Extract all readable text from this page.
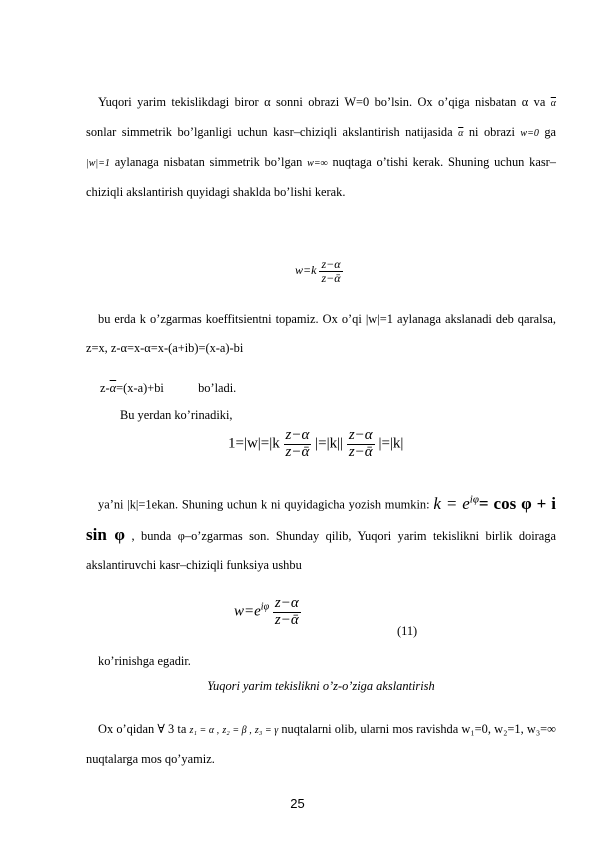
Yuqori yarim tekislikdagi biror α sonni obrazi W=0 bo’lsin. Ox o’qiga nisbatan α va $\overline{\alpha}$ sonlar simmetrik bo’lganligi uchun kasr–chiziqli akslantirish natijasida $\overline{\alpha}$ ni obrazi w=0 ga |w|=1 aylanaga nisbatan simmetrik bo’lgan w=∞ nuqtaga o’tishi kerak. Shuning uchun kasr–chiziqli akslantirish quyidagi shaklda bo’lishi kerak.
$w=k \frac{z-\alpha}{\text{z−ᾱ}}$
bu erda k o’zgarmas koeffitsientni topamiz. Ox o’qi |w|=1 aylanaga akslanadi deb qaralsa, z=x, z-α=x-α=x-(a+ib)=(x-a)-bi
$z-\overline{\alpha}=(x-a)+bi$	bo’ladi.
Bu yerdan ko’rinadiki,
$1=|w|=|k \frac{z-\alpha}{\text{z−ᾱ}} |=|k|| \frac{z-\alpha}{\text{z−ᾱ}} |=|k|$
ya’ni |k|=1ekan. Shuning uchun k ni quyidagicha yozish mumkin: $k = e^{i\varphi}= \cos \varphi + i$ sin φ , bunda φ–o’zgarmas son. Shunday qilib, Yuqori yarim tekislikni birlik doiraga akslantiruvchi kasr–chiziqli funksiya ushbu
$w=e^{i\varphi} \frac{z-\alpha}{\text{z−ᾱ}}$
(11)
ko’rinishga egadir.
Yuqori yarim tekislikni o’z-o’ziga akslantirish
Ox o’qidan ∀ 3 ta z₁ = α , z₂ = β , z₃ = γ nuqtalarni olib, ularni mos ravishda w₁=0, w₂=1, w₃=∞ nuqtalarga mos qo’yamiz.
25
